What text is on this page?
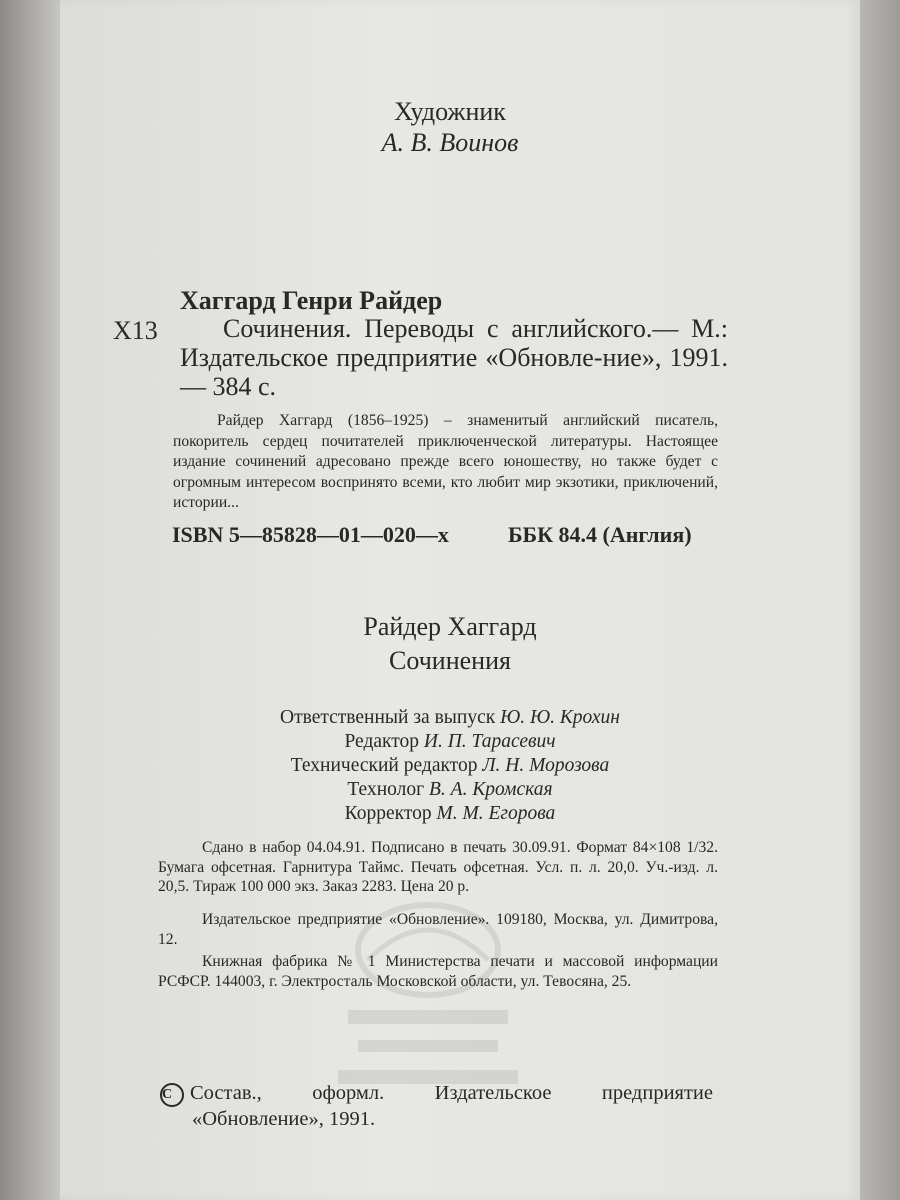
Художник
А. В. Воинов
Хаггард Генри Райдер
Х13	Сочинения. Переводы с английского.— М.: Издательское предприятие «Обновле-ние», 1991.— 384 с.

Райдер Хаггард (1856–1925) – знаменитый английский писатель, покоритель сердец почитателей приключенческой литературы. Настоящее издание сочинений адресовано прежде всего юношеству, но также будет с огромным интересом воспринято всеми, кто любит мир экзотики, приключений, истории...

ISBN 5—85828—01—020—х	ББК 84.4 (Англия)
Райдер Хаггард
Сочинения
Ответственный за выпуск Ю. Ю. Крохин
Редактор И. П. Тарасевич
Технический редактор Л. Н. Морозова
Технолог В. А. Кромская
Корректор М. М. Егорова

Сдано в набор 04.04.91. Подписано в печать 30.09.91. Формат 84×108 1/32. Бумага офсетная. Гарнитура Таймс. Печать офсетная. Усл. п. л. 20,0. Уч.-изд. л. 20,5. Тираж 100 000 экз. Заказ 2283. Цена 20 р.

Издательское предприятие «Обновление». 109180, Москва, ул. Димитрова, 12.

Книжная фабрика № 1 Министерства печати и массовой информации РСФСР. 144003, г. Электросталь Московской области, ул. Тевосяна, 25.

C Состав., оформл. Издательское предприятие

«Обновление», 1991.
